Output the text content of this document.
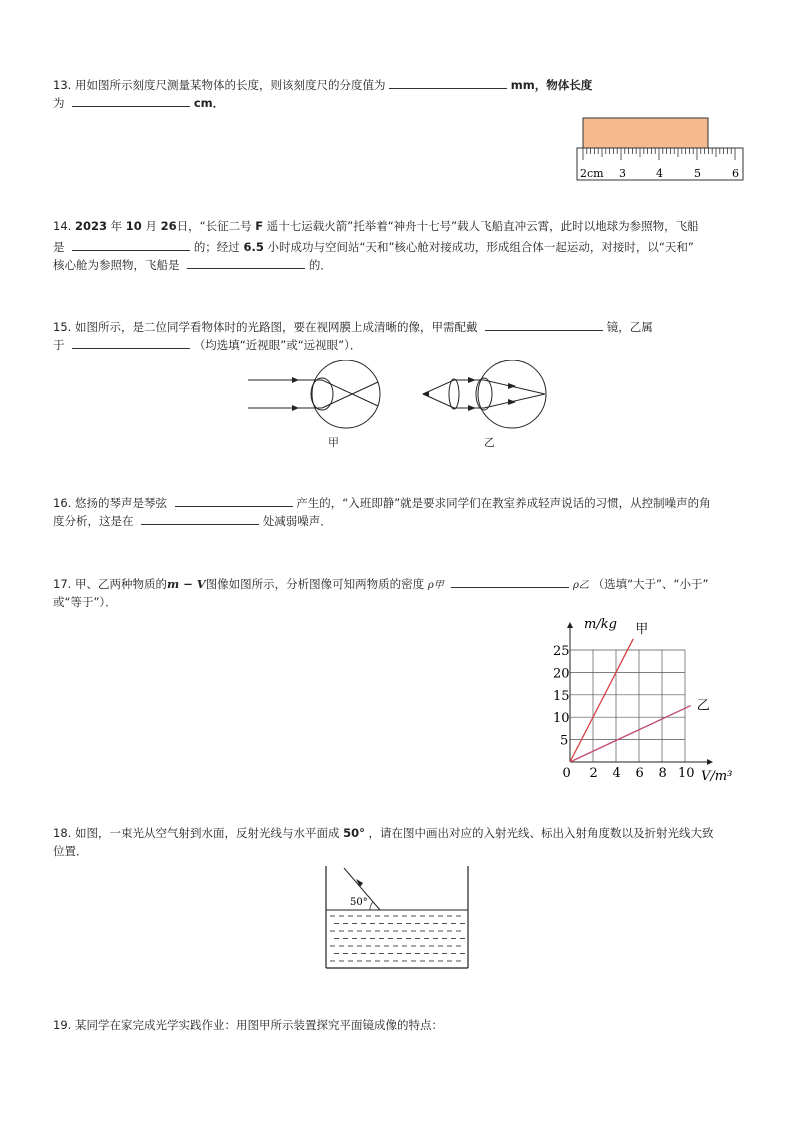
13. 用如图所示刻度尺测量某物体的长度，则该刻度尺的分度值为	mm，物体长度
为	cm．
2cm 3	4	5	6
14. 2023 年 10 月 26日，“长征二号 F 遥十七运载火箭”托举着“神舟十七号”载人飞船直冲云霄，此时以地球为参照物，飞船
是	的；经过 6.5 小时成功与空间站“天和”核心舱对接成功，形成组合体一起运动，对接时，以“天和”
核心舱为参照物，飞船是	的．
15. 如图所示，是二位同学看物体时的光路图，要在视网膜上成清晰的像，甲需配戴	镜，乙属
于	（均选填“近视眼”或“远视眼”）．
甲	乙
16. 悠扬的琴声是琴弦	产生的，“入班即静”就是要求同学们在教室养成轻声说话的习惯，从控制噪声的角
度分析，这是在	处减弱噪声．
17. 甲、乙两种物质的m − V图像如图所示，分析图像可知两物质的密度 ρ甲	ρ乙 （选填“大于”、“小于”
或“等于”）．
0 2 4 6 8 10
5
10
15
20
25
m/kg
V/m³
甲
乙
18. 如图，一束光从空气射到水面，反射光线与水平面成 50° ，请在图中画出对应的入射光线、标出入射角度数以及折射光线大致
位置．
50°
19. 某同学在家完成光学实践作业：用图甲所示装置探究平面镜成像的特点：
